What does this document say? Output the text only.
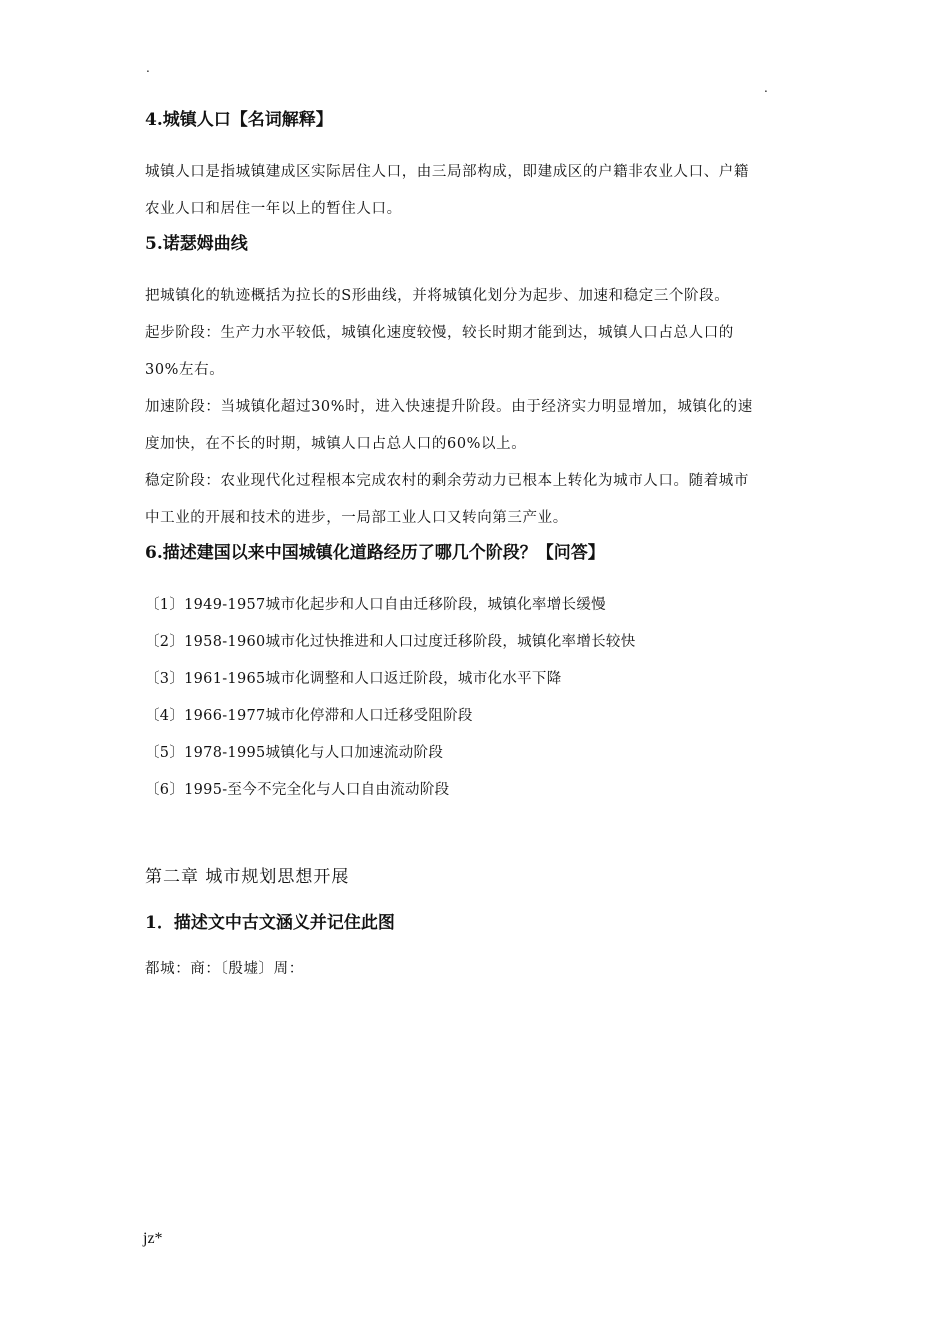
.
.
4.城镇人口【名词解释】
城镇人口是指城镇建成区实际居住人口，由三局部构成，即建成区的户籍非农业人口、户籍
农业人口和居住一年以上的暂住人口。
5.诺瑟姆曲线
把城镇化的轨迹概括为拉长的S形曲线，并将城镇化划分为起步、加速和稳定三个阶段。
起步阶段：生产力水平较低，城镇化速度较慢，较长时期才能到达，城镇人口占总人口的
30%左右。
加速阶段：当城镇化超过30%时，进入快速提升阶段。由于经济实力明显增加，城镇化的速
度加快，在不长的时期，城镇人口占总人口的60%以上。
稳定阶段：农业现代化过程根本完成农村的剩余劳动力已根本上转化为城市人口。随着城市
中工业的开展和技术的进步，一局部工业人口又转向第三产业。
6.描述建国以来中国城镇化道路经历了哪几个阶段？【问答】
〔1〕1949-1957城市化起步和人口自由迁移阶段，城镇化率增长缓慢
〔2〕1958-1960城市化过快推进和人口过度迁移阶段，城镇化率增长较快
〔3〕1961-1965城市化调整和人口返迁阶段，城市化水平下降
〔4〕1966-1977城市化停滞和人口迁移受阻阶段
〔5〕1978-1995城镇化与人口加速流动阶段
〔6〕1995-至今不完全化与人口自由流动阶段
第二章 城市规划思想开展
1．描述文中古文涵义并记住此图
都城：商：〔殷墟〕周：
jz*
